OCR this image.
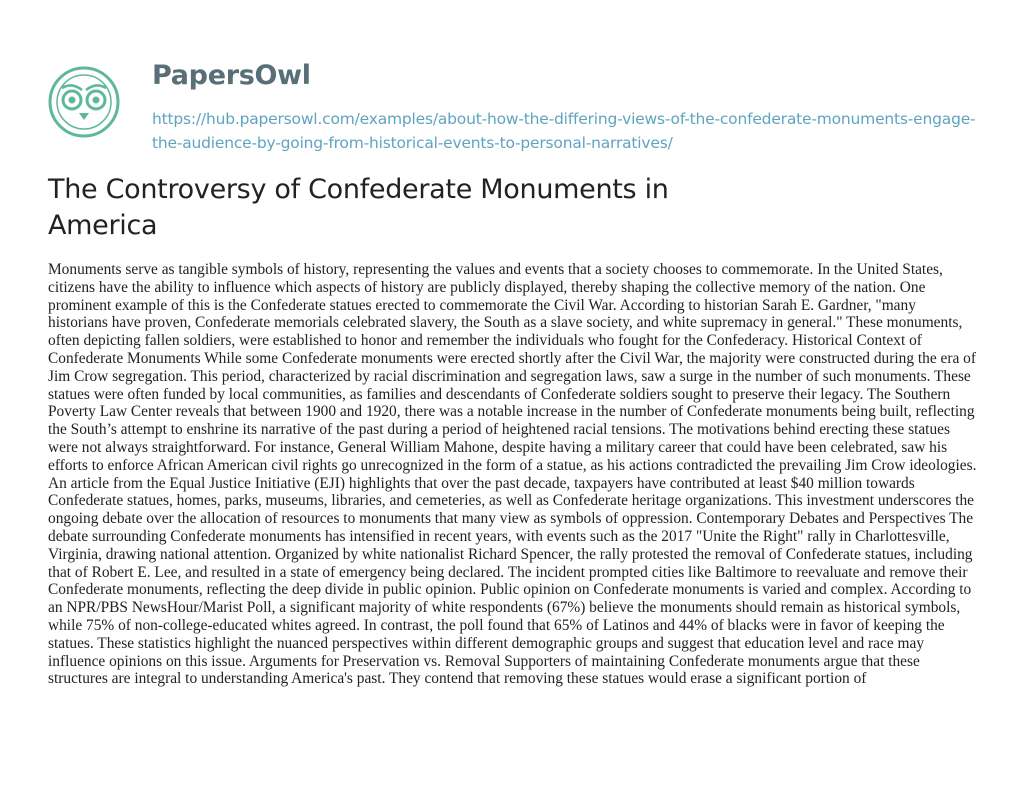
PapersOwl
https://hub.papersowl.com/examples/about-how-the-differing-views-of-the-confederate-monuments-engage-the-audience-by-going-from-historical-events-to-personal-narratives/
The Controversy of Confederate Monuments in America

Monuments serve as tangible symbols of history, representing the values and events that a society chooses to commemorate. In the United States, citizens have the ability to influence which aspects of history are publicly displayed, thereby shaping the collective memory of the nation. One prominent example of this is the Confederate statues erected to commemorate the Civil War. According to historian Sarah E. Gardner, "many historians have proven, Confederate memorials celebrated slavery, the South as a slave society, and white supremacy in general." These monuments, often depicting fallen soldiers, were established to honor and remember the individuals who fought for the Confederacy. Historical Context of Confederate Monuments While some Confederate monuments were erected shortly after the Civil War, the majority were constructed during the era of Jim Crow segregation. This period, characterized by racial discrimination and segregation laws, saw a surge in the number of such monuments. These statues were often funded by local communities, as families and descendants of Confederate soldiers sought to preserve their legacy. The Southern Poverty Law Center reveals that between 1900 and 1920, there was a notable increase in the number of Confederate monuments being built, reflecting the South’s attempt to enshrine its narrative of the past during a period of heightened racial tensions. The motivations behind erecting these statues were not always straightforward. For instance, General William Mahone, despite having a military career that could have been celebrated, saw his efforts to enforce African American civil rights go unrecognized in the form of a statue, as his actions contradicted the prevailing Jim Crow ideologies. An article from the Equal Justice Initiative (EJI) highlights that over the past decade, taxpayers have contributed at least $40 million towards Confederate statues, homes, parks, museums, libraries, and cemeteries, as well as Confederate heritage organizations. This investment underscores the ongoing debate over the allocation of resources to monuments that many view as symbols of oppression. Contemporary Debates and Perspectives The debate surrounding Confederate monuments has intensified in recent years, with events such as the 2017 "Unite the Right" rally in Charlottesville, Virginia, drawing national attention. Organized by white nationalist Richard Spencer, the rally protested the removal of Confederate statues, including that of Robert E. Lee, and resulted in a state of emergency being declared. The incident prompted cities like Baltimore to reevaluate and remove their Confederate monuments, reflecting the deep divide in public opinion. Public opinion on Confederate monuments is varied and complex. According to an NPR/PBS NewsHour/Marist Poll, a significant majority of white respondents (67%) believe the monuments should remain as historical symbols, while 75% of non-college-educated whites agreed. In contrast, the poll found that 65% of Latinos and 44% of blacks were in favor of keeping the statues. These statistics highlight the nuanced perspectives within different demographic groups and suggest that education level and race may influence opinions on this issue. Arguments for Preservation vs. Removal Supporters of maintaining Confederate monuments argue that these structures are integral to understanding America's past. They contend that removing these statues would erase a significant portion of
